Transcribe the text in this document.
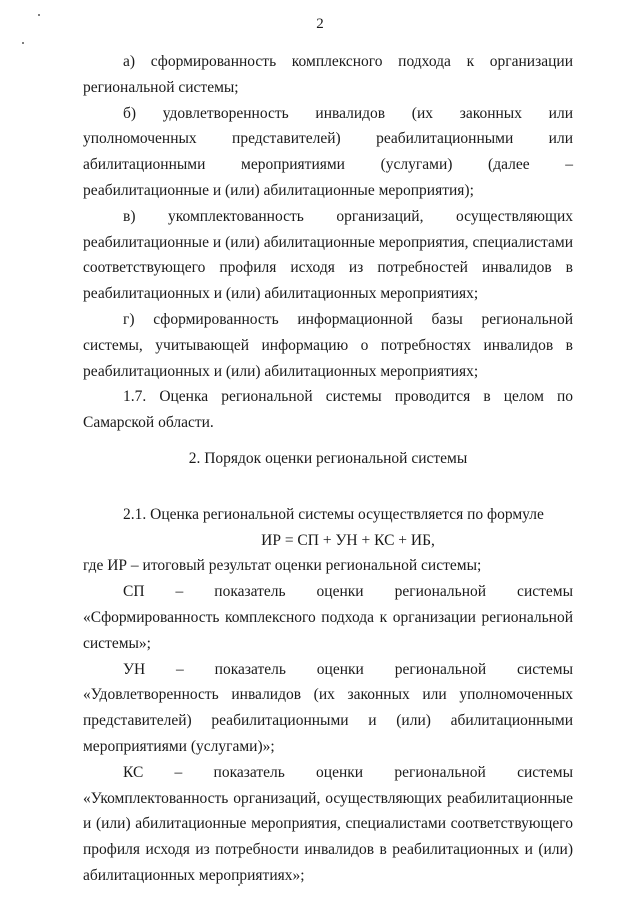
2

а) сформированность комплексного подхода к организации региональной системы;

б) удовлетворенность инвалидов (их законных или уполномоченных представителей) реабилитационными или абилитационными мероприятиями (услугами) (далее – реабилитационные и (или) абилитационные мероприятия);

в) укомплектованность организаций, осуществляющих реабилитационные и (или) абилитационные мероприятия, специалистами соответствующего профиля исходя из потребностей инвалидов в реабилитационных и (или) абилитационных мероприятиях;

г) сформированность информационной базы региональной системы, учитывающей информацию о потребностях инвалидов в реабилитационных и (или) абилитационных мероприятиях;

1.7. Оценка региональной системы проводится в целом по Самарской области.

2. Порядок оценки региональной системы

2.1. Оценка региональной системы осуществляется по формуле

ИР = СП + УН + КС + ИБ,

где ИР – итоговый результат оценки региональной системы;

СП – показатель оценки региональной системы «Сформированность комплексного подхода к организации региональной системы»;

УН – показатель оценки региональной системы «Удовлетворенность инвалидов (их законных или уполномоченных представителей) реабилитационными и (или) абилитационными мероприятиями (услугами)»;

КС – показатель оценки региональной системы «Укомплектованность организаций, осуществляющих реабилитационные и (или) абилитационные мероприятия, специалистами соответствующего профиля исходя из потребности инвалидов в реабилитационных и (или) абилитационных мероприятиях»;
